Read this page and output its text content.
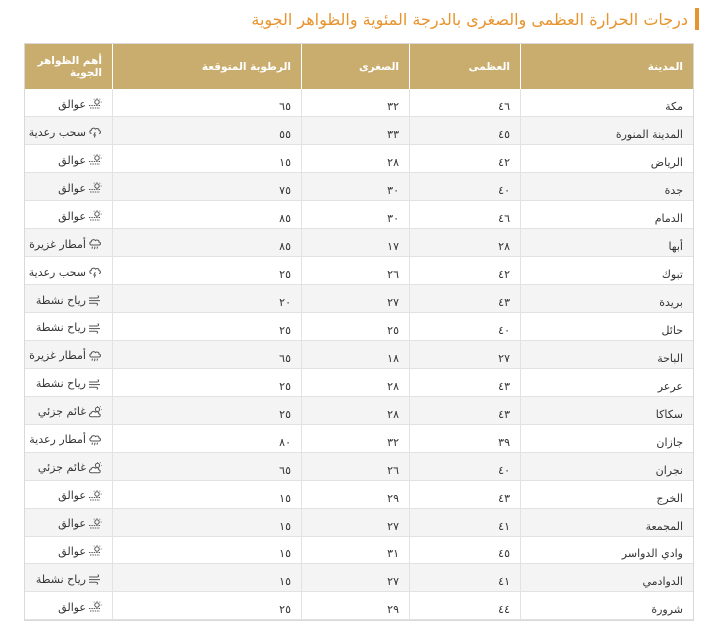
درجات الحرارة العظمى والصغرى بالدرجة المئوية والظواهر الجوية
المدينة	العظمى	الصغرى	الرطوبة المتوقعة	أهم الظواهر الجوية
مكة	٤٦	٣٢	٦٥	عوالق

المدينة المنورة	٤٥	٣٣	٥٥	سحب رعدية

الرياض	٤٢	٢٨	١٥	عوالق

جدة	٤٠	٣٠	٧٥	عوالق

الدمام	٤٦	٣٠	٨٥	عوالق

أبها	٢٨	١٧	٨٥	أمطار غزيرة

تبوك	٤٢	٢٦	٢٥	سحب رعدية

بريدة	٤٣	٢٧	٢٠	رياح نشطة

حائل	٤٠	٢٥	٢٥	رياح نشطة

الباحة	٢٧	١٨	٦٥	أمطار غزيرة

عرعر	٤٣	٢٨	٢٥	رياح نشطة

سكاكا	٤٣	٢٨	٢٥	غائم جزئي

جازان	٣٩	٣٢	٨٠	أمطار رعدية

نجران	٤٠	٢٦	٦٥	غائم جزئي

الخرج	٤٣	٢٩	١٥	عوالق

المجمعة	٤١	٢٧	١٥	عوالق

وادي الدواسر	٤٥	٣١	١٥	عوالق

الدوادمي	٤١	٢٧	١٥	رياح نشطة

شرورة	٤٤	٢٩	٢٥	عوالق
